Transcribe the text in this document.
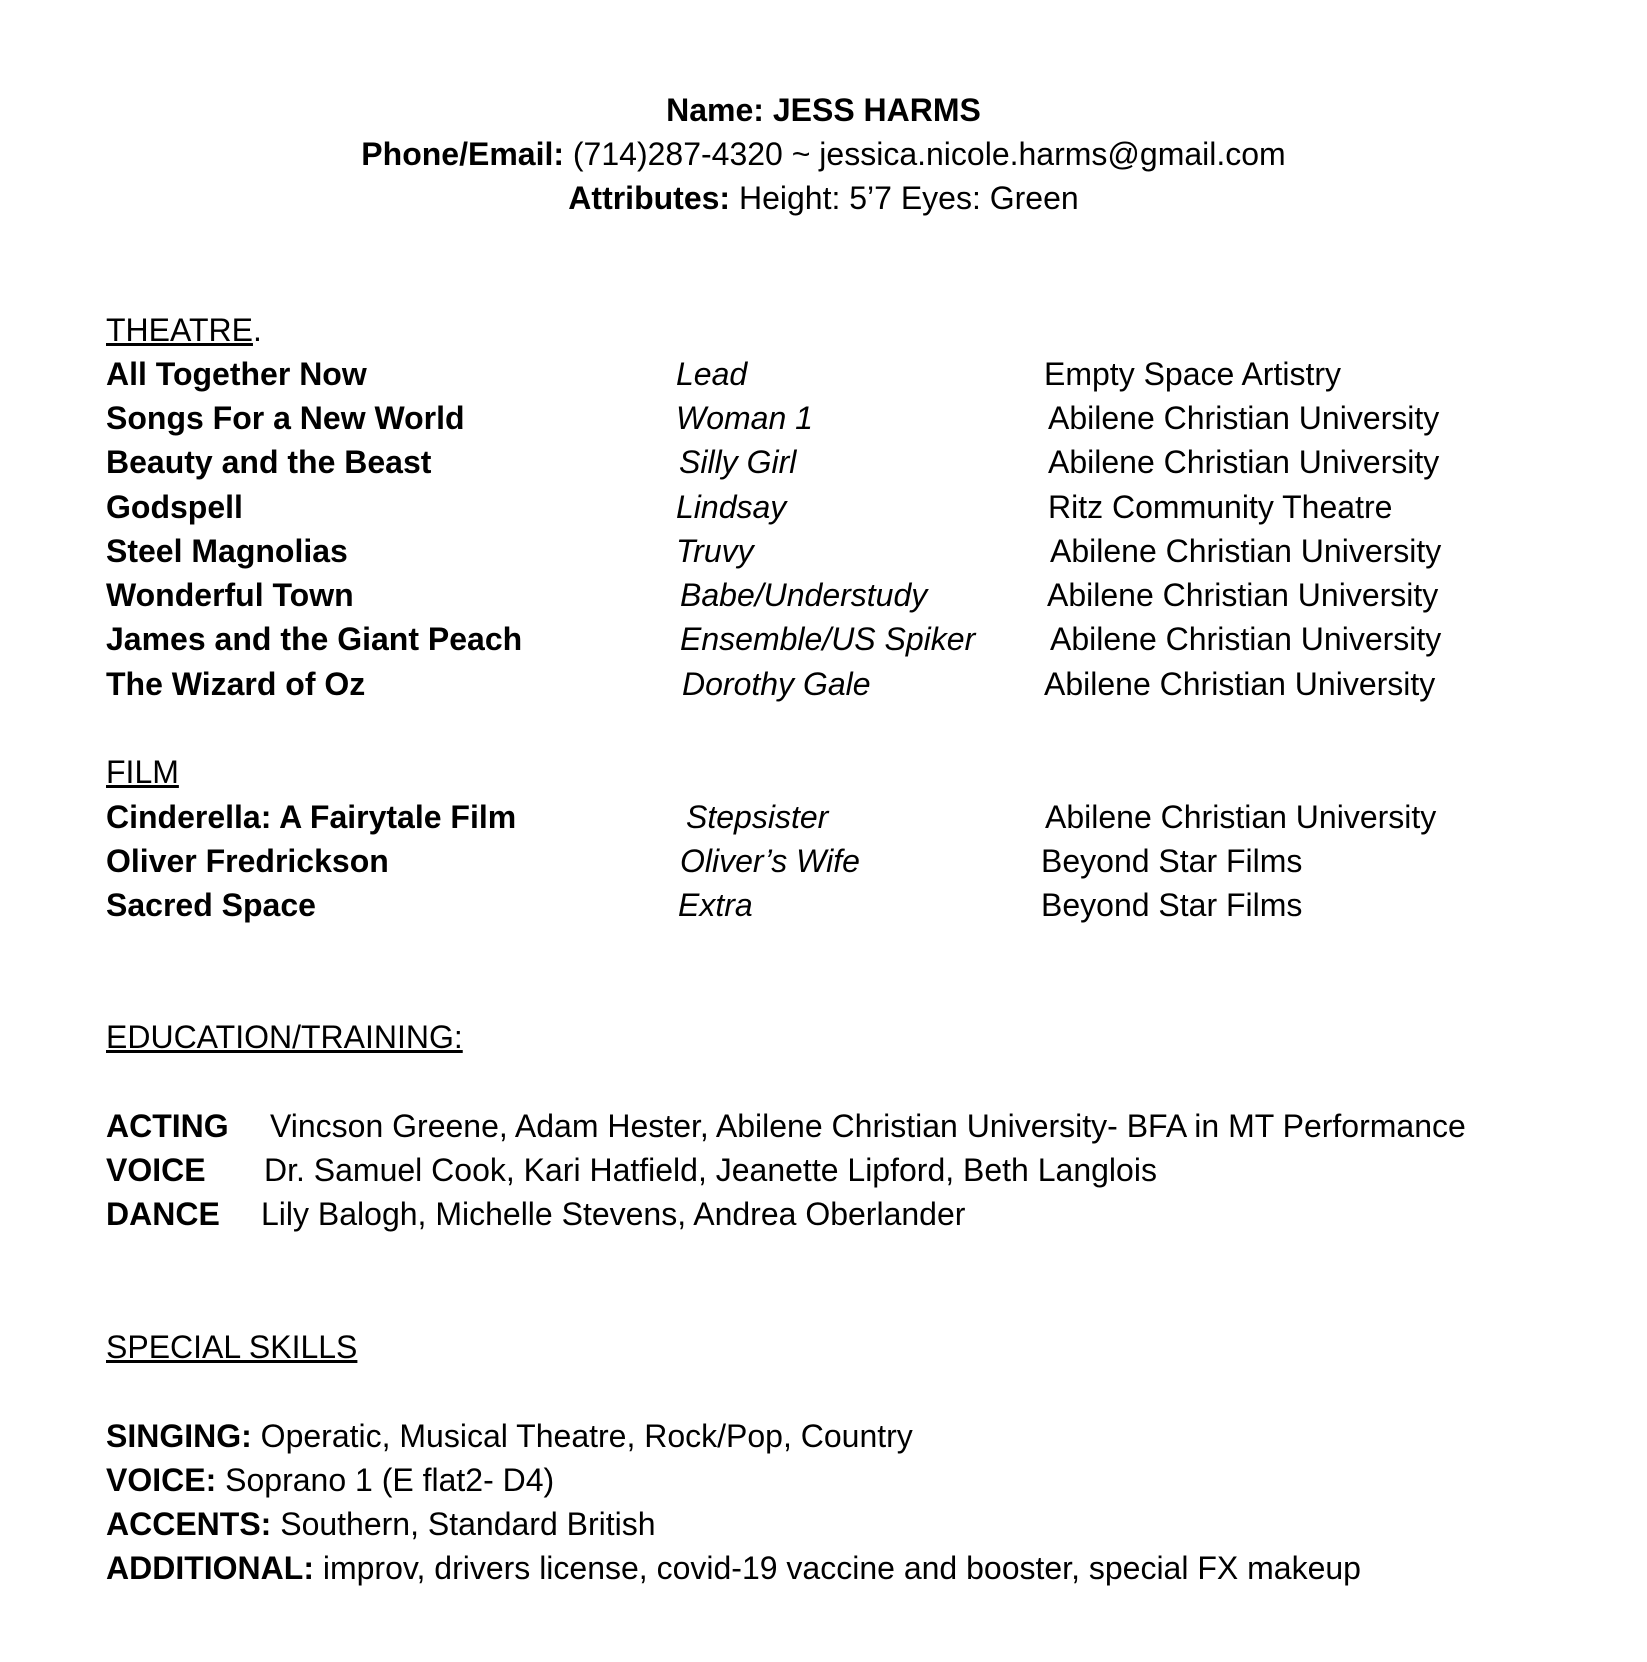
Name: JESS HARMS
Phone/Email: (714)287-4320 ~ jessica.nicole.harms@gmail.com
Attributes: Height: 5’7 Eyes: Green
THEATRE.
All Together Now	Lead	Empty Space Artistry
Songs For a New World	Woman 1	Abilene Christian University
Beauty and the Beast	Silly Girl	Abilene Christian University
Godspell	Lindsay	Ritz Community Theatre
Steel Magnolias	Truvy	Abilene Christian University
Wonderful Town	Babe/Understudy	Abilene Christian University
James and the Giant Peach	Ensemble/US Spiker Abilene Christian University
The Wizard of Oz	Dorothy Gale	Abilene Christian University
FILM
Cinderella: A Fairytale Film	Stepsister	Abilene Christian University
Oliver Fredrickson	Oliver’s Wife	Beyond Star Films
Sacred Space	Extra	Beyond Star Films
EDUCATION/TRAINING:
ACTING Vincson Greene, Adam Hester, Abilene Christian University- BFA in MT Performance
VOICE Dr. Samuel Cook, Kari Hatfield, Jeanette Lipford, Beth Langlois
DANCE Lily Balogh, Michelle Stevens, Andrea Oberlander
SPECIAL SKILLS
SINGING: Operatic, Musical Theatre, Rock/Pop, Country
VOICE: Soprano 1 (E flat2- D4)
ACCENTS: Southern, Standard British
ADDITIONAL: improv, drivers license, covid-19 vaccine and booster, special FX makeup
